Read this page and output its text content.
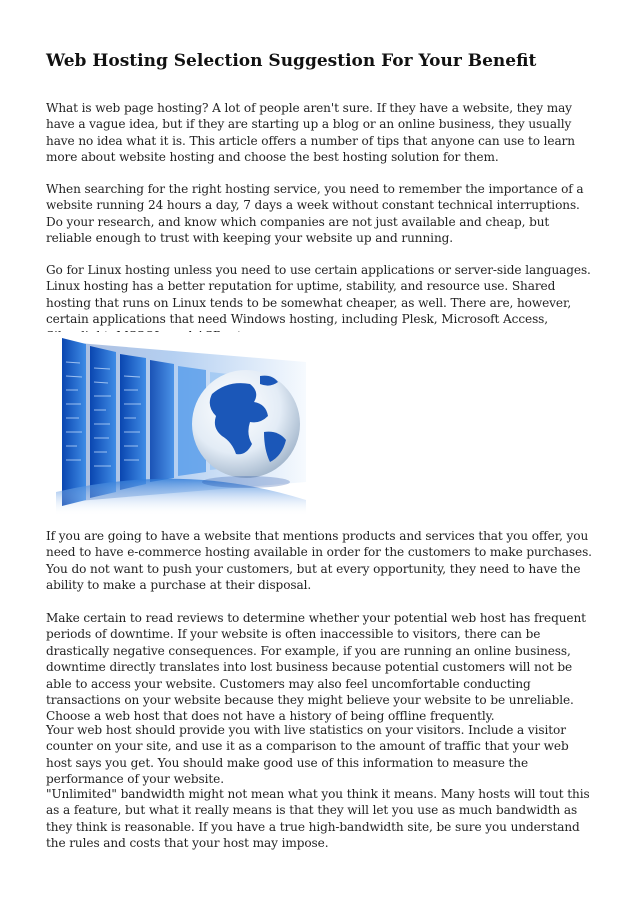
Web Hosting Selection Suggestion For Your Benefit

What is web page hosting? A lot of people aren't sure. If they have a website, they may have a vague idea, but if they are starting up a blog or an online business, they usually have no idea what it is. This article offers a number of tips that anyone can use to learn more about website hosting and choose the best hosting solution for them.

When searching for the right hosting service, you need to remember the importance of a website running 24 hours a day, 7 days a week without constant technical interruptions. Do your research, and know which companies are not just available and cheap, but reliable enough to trust with keeping your website up and running.

Go for Linux hosting unless you need to use certain applications or server-side languages. Linux hosting has a better reputation for uptime, stability, and resource use. Shared hosting that runs on Linux tends to be somewhat cheaper, as well. There are, however, certain applications that need Windows hosting, including Plesk, Microsoft Access,

If you are going to have a website that mentions products and services that you offer, you need to have e-commerce hosting available in order for the customers to make purchases. You do not want to push your customers, but at every opportunity, they need to have the ability to make a purchase at their disposal.

Make certain to read reviews to determine whether your potential web host has frequent periods of downtime. If your website is often inaccessible to visitors, there can be drastically negative consequences. For example, if you are running an online business, downtime directly translates into lost business because potential customers will not be able to access your website. Customers may also feel uncomfortable conducting transactions on your website because they might believe your website to be unreliable. Choose a web host that does not have a history of being offline frequently.

Your web host should provide you with live statistics on your visitors. Include a visitor counter on your site, and use it as a comparison to the amount of traffic that your web host says you get. You should make good use of this information to measure the performance of your website.

"Unlimited" bandwidth might not mean what you think it means. Many hosts will tout this as a feature, but what it really means is that they will let you use as much bandwidth as they think is reasonable. If you have a true high-bandwidth site, be sure you understand the rules and costs that your host may impose.
